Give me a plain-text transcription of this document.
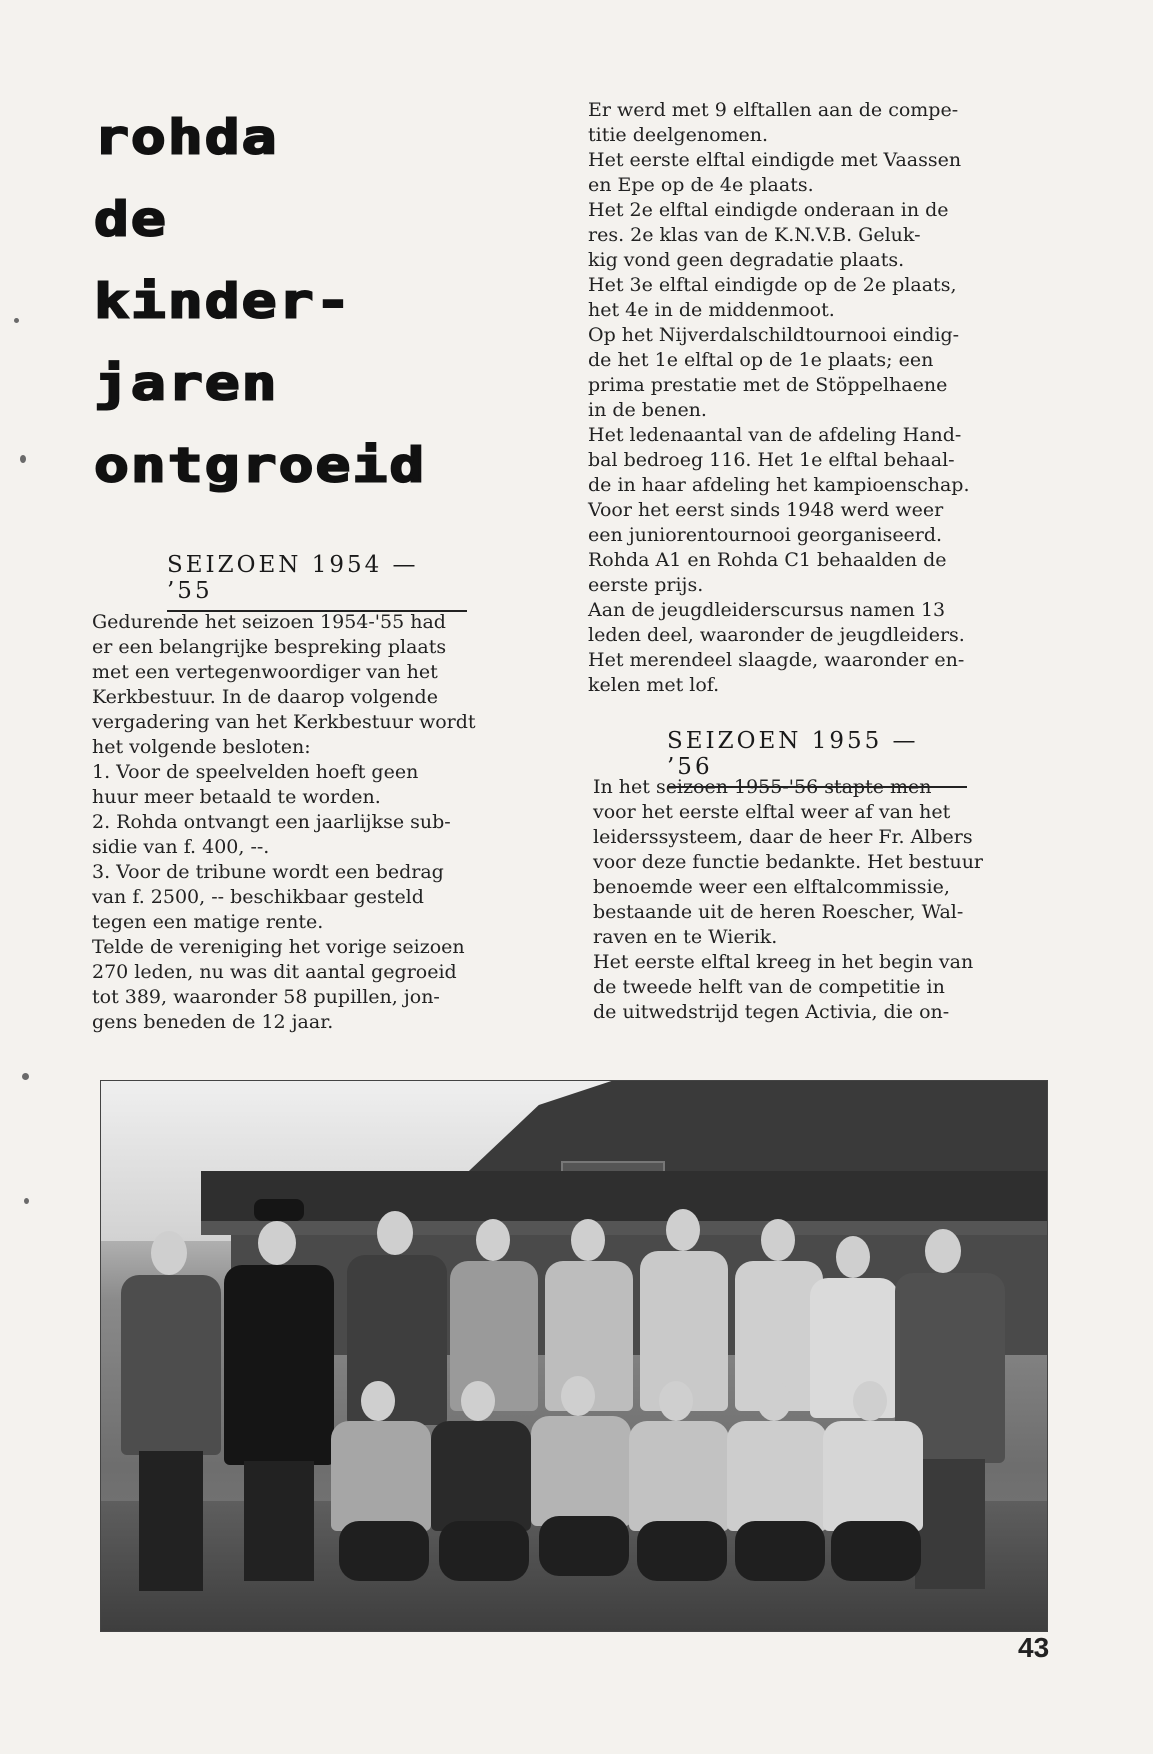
rohda
de
kinder-
jaren
ontgroeid
SEIZOEN 1954 — ’55
Gedurende het seizoen 1954-'55 had
er een belangrijke bespreking plaats
met een vertegenwoordiger van het
Kerkbestuur. In de daarop volgende
vergadering van het Kerkbestuur wordt
het volgende besloten:
1. Voor de speelvelden hoeft geen
huur meer betaald te worden.
2. Rohda ontvangt een jaarlijkse sub-
sidie van f. 400, --.
3. Voor de tribune wordt een bedrag
van f. 2500, -- beschikbaar gesteld
tegen een matige rente.
Telde de vereniging het vorige seizoen
270 leden, nu was dit aantal gegroeid
tot 389, waaronder 58 pupillen, jon-
gens beneden de 12 jaar.
Er werd met 9 elftallen aan de compe-
titie deelgenomen.
Het eerste elftal eindigde met Vaassen
en Epe op de 4e plaats.
Het 2e elftal eindigde onderaan in de
res. 2e klas van de K.N.V.B. Geluk-
kig vond geen degradatie plaats.
Het 3e elftal eindigde op de 2e plaats,
het 4e in de middenmoot.
Op het Nijverdalschildtournooi eindig-
de het 1e elftal op de 1e plaats; een
prima prestatie met de Stöppelhaene
in de benen.
Het ledenaantal van de afdeling Hand-
bal bedroeg 116. Het 1e elftal behaal-
de in haar afdeling het kampioenschap.
Voor het eerst sinds 1948 werd weer
een juniorentournooi georganiseerd.
Rohda A1 en Rohda C1 behaalden de
eerste prijs.
Aan de jeugdleiderscursus namen 13
leden deel, waaronder de jeugdleiders.
Het merendeel slaagde, waaronder en-
kelen met lof.
SEIZOEN 1955 — ’56
In het seizoen 1955-'56 stapte men
voor het eerste elftal weer af van het
leiderssysteem, daar de heer Fr. Albers
voor deze functie bedankte. Het bestuur
benoemde weer een elftalcommissie,
bestaande uit de heren Roescher, Wal-
raven en te Wierik.
Het eerste elftal kreeg in het begin van
de tweede helft van de competitie in
de uitwedstrijd tegen Activia, die on-
43
